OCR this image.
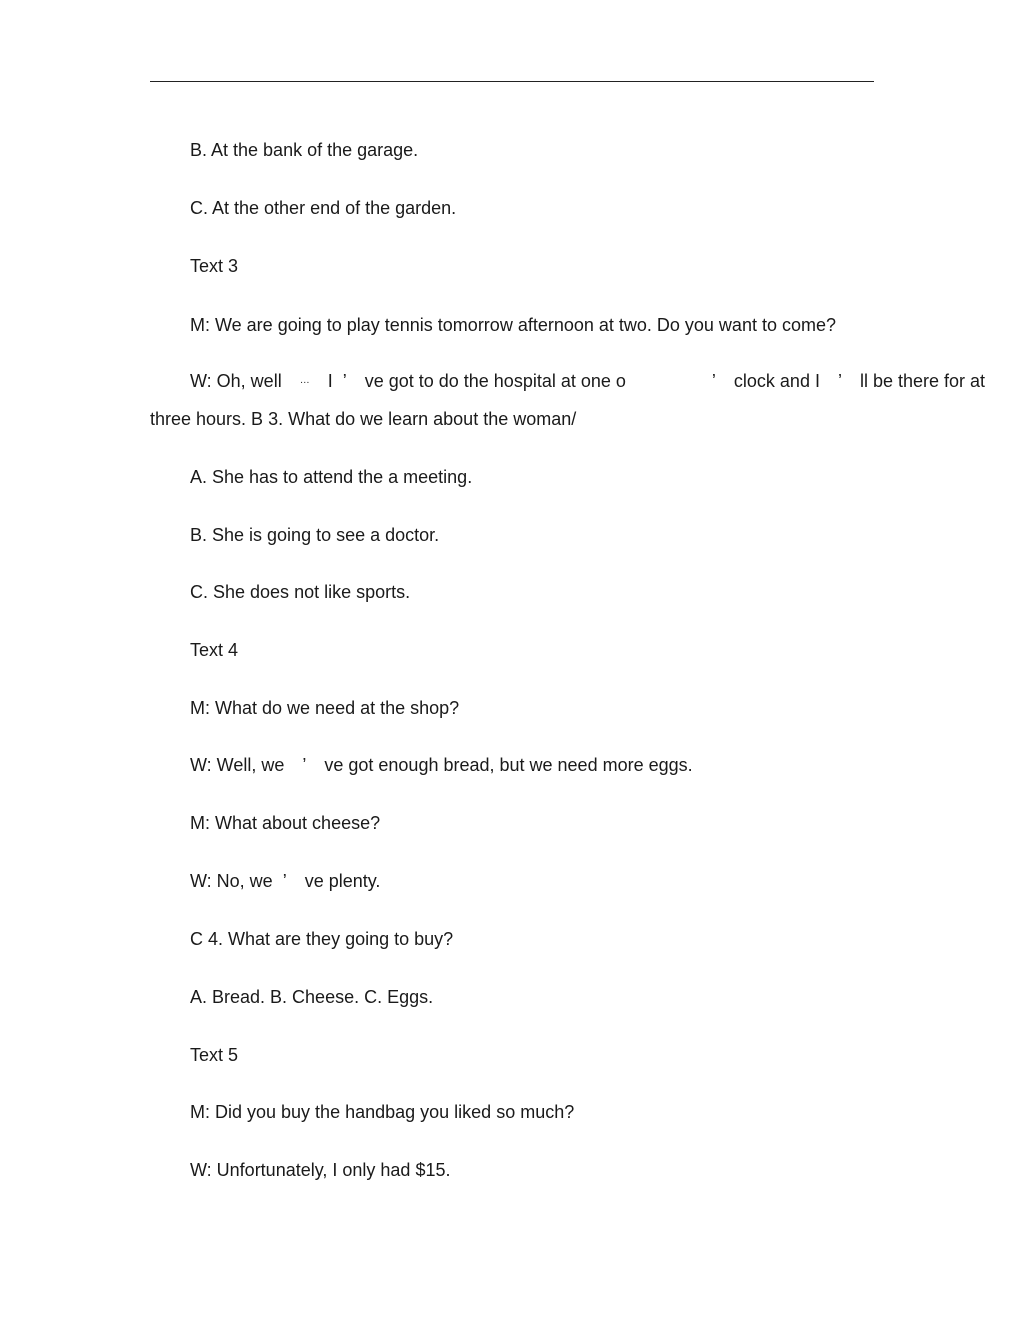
B. At the bank of the garage.
C. At the other end of the garden.
Text 3
M: We are going to play tennis tomorrow afternoon at two. Do you want to come?
W: Oh, well … I ’ ve got to do the hospital at one o	’ clock and I ’ ll be there for at
three hours. B 3. What do we learn about the woman/
A. She has to attend the a meeting.
B. She is going to see a doctor.
C. She does not like sports.
Text 4
M: What do we need at the shop?
W: Well, we ’ ve got enough bread, but we need more eggs.
M: What about cheese?
W: No, we ’ ve plenty.
C 4. What are they going to buy?
A. Bread. B. Cheese. C. Eggs.
Text 5
M: Did you buy the handbag you liked so much?
W: Unfortunately, I only had $15.
